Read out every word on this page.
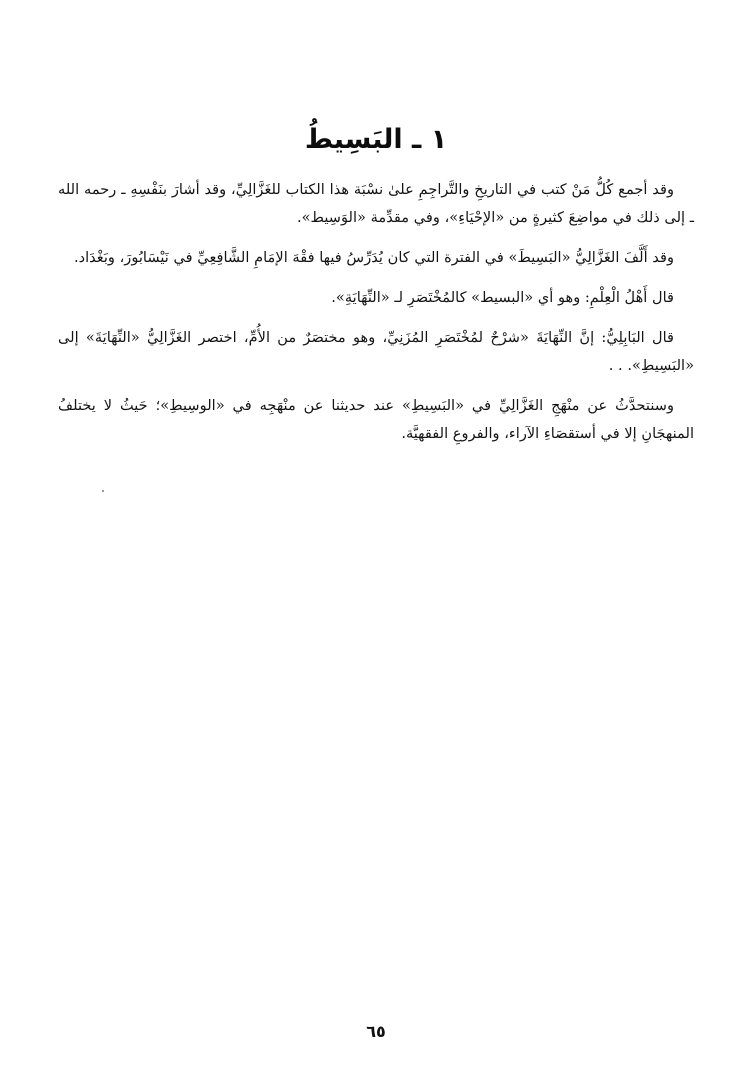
١ ـ البَسِيطُ

وقد أجمع كُلُّ مَنْ كتب في التاريخِ والتَّراجِمِ علىٰ نسْبَة هذا الكتاب للغَزَّالِيِّ، وقد أشارَ بنَفْسِهِ ـ رحمه الله ـ إلى ذلك في مواضِعَ كثيرةٍ من «الإحْيَاءِ»، وفي مقدِّمة «الوَسِيط».

وقد أَلَّفَ الغَزَّالِيُّ «البَسِيطَ» في الفترة التي كان يُدَرِّسُ فيها فقْهَ الإمَامِ الشَّافِعِيِّ في نَيْسَابُورَ، وبَغْدَاد.

قال أَهْلُ الْعِلْمِ: وهو أي «البسيط» كالمُخْتَصَرِ لـ «النِّهَايَةِ».

قال البَابِلِيُّ: إنَّ النِّهَايَةَ «شرْحٌ لمُخْتَصَرِ المُزَنِيِّ، وهو مختصَرٌ من الأُمِّ، اختصر الغَزَّالِيُّ «النِّهَايَةَ» إلى «البَسِيطِ». . .

وسنتحدَّثُ عن منْهَجِ الغَزَّالِيِّ في «البَسِيطِ» عند حديثنا عن منْهَجِه في «الوسِيطِ»؛ حَيثُ لا يختلفُ المنهجَانِ إلا في أستقصَاءِ الآراء، والفروعِ الفقهيَّة.

٦٥
